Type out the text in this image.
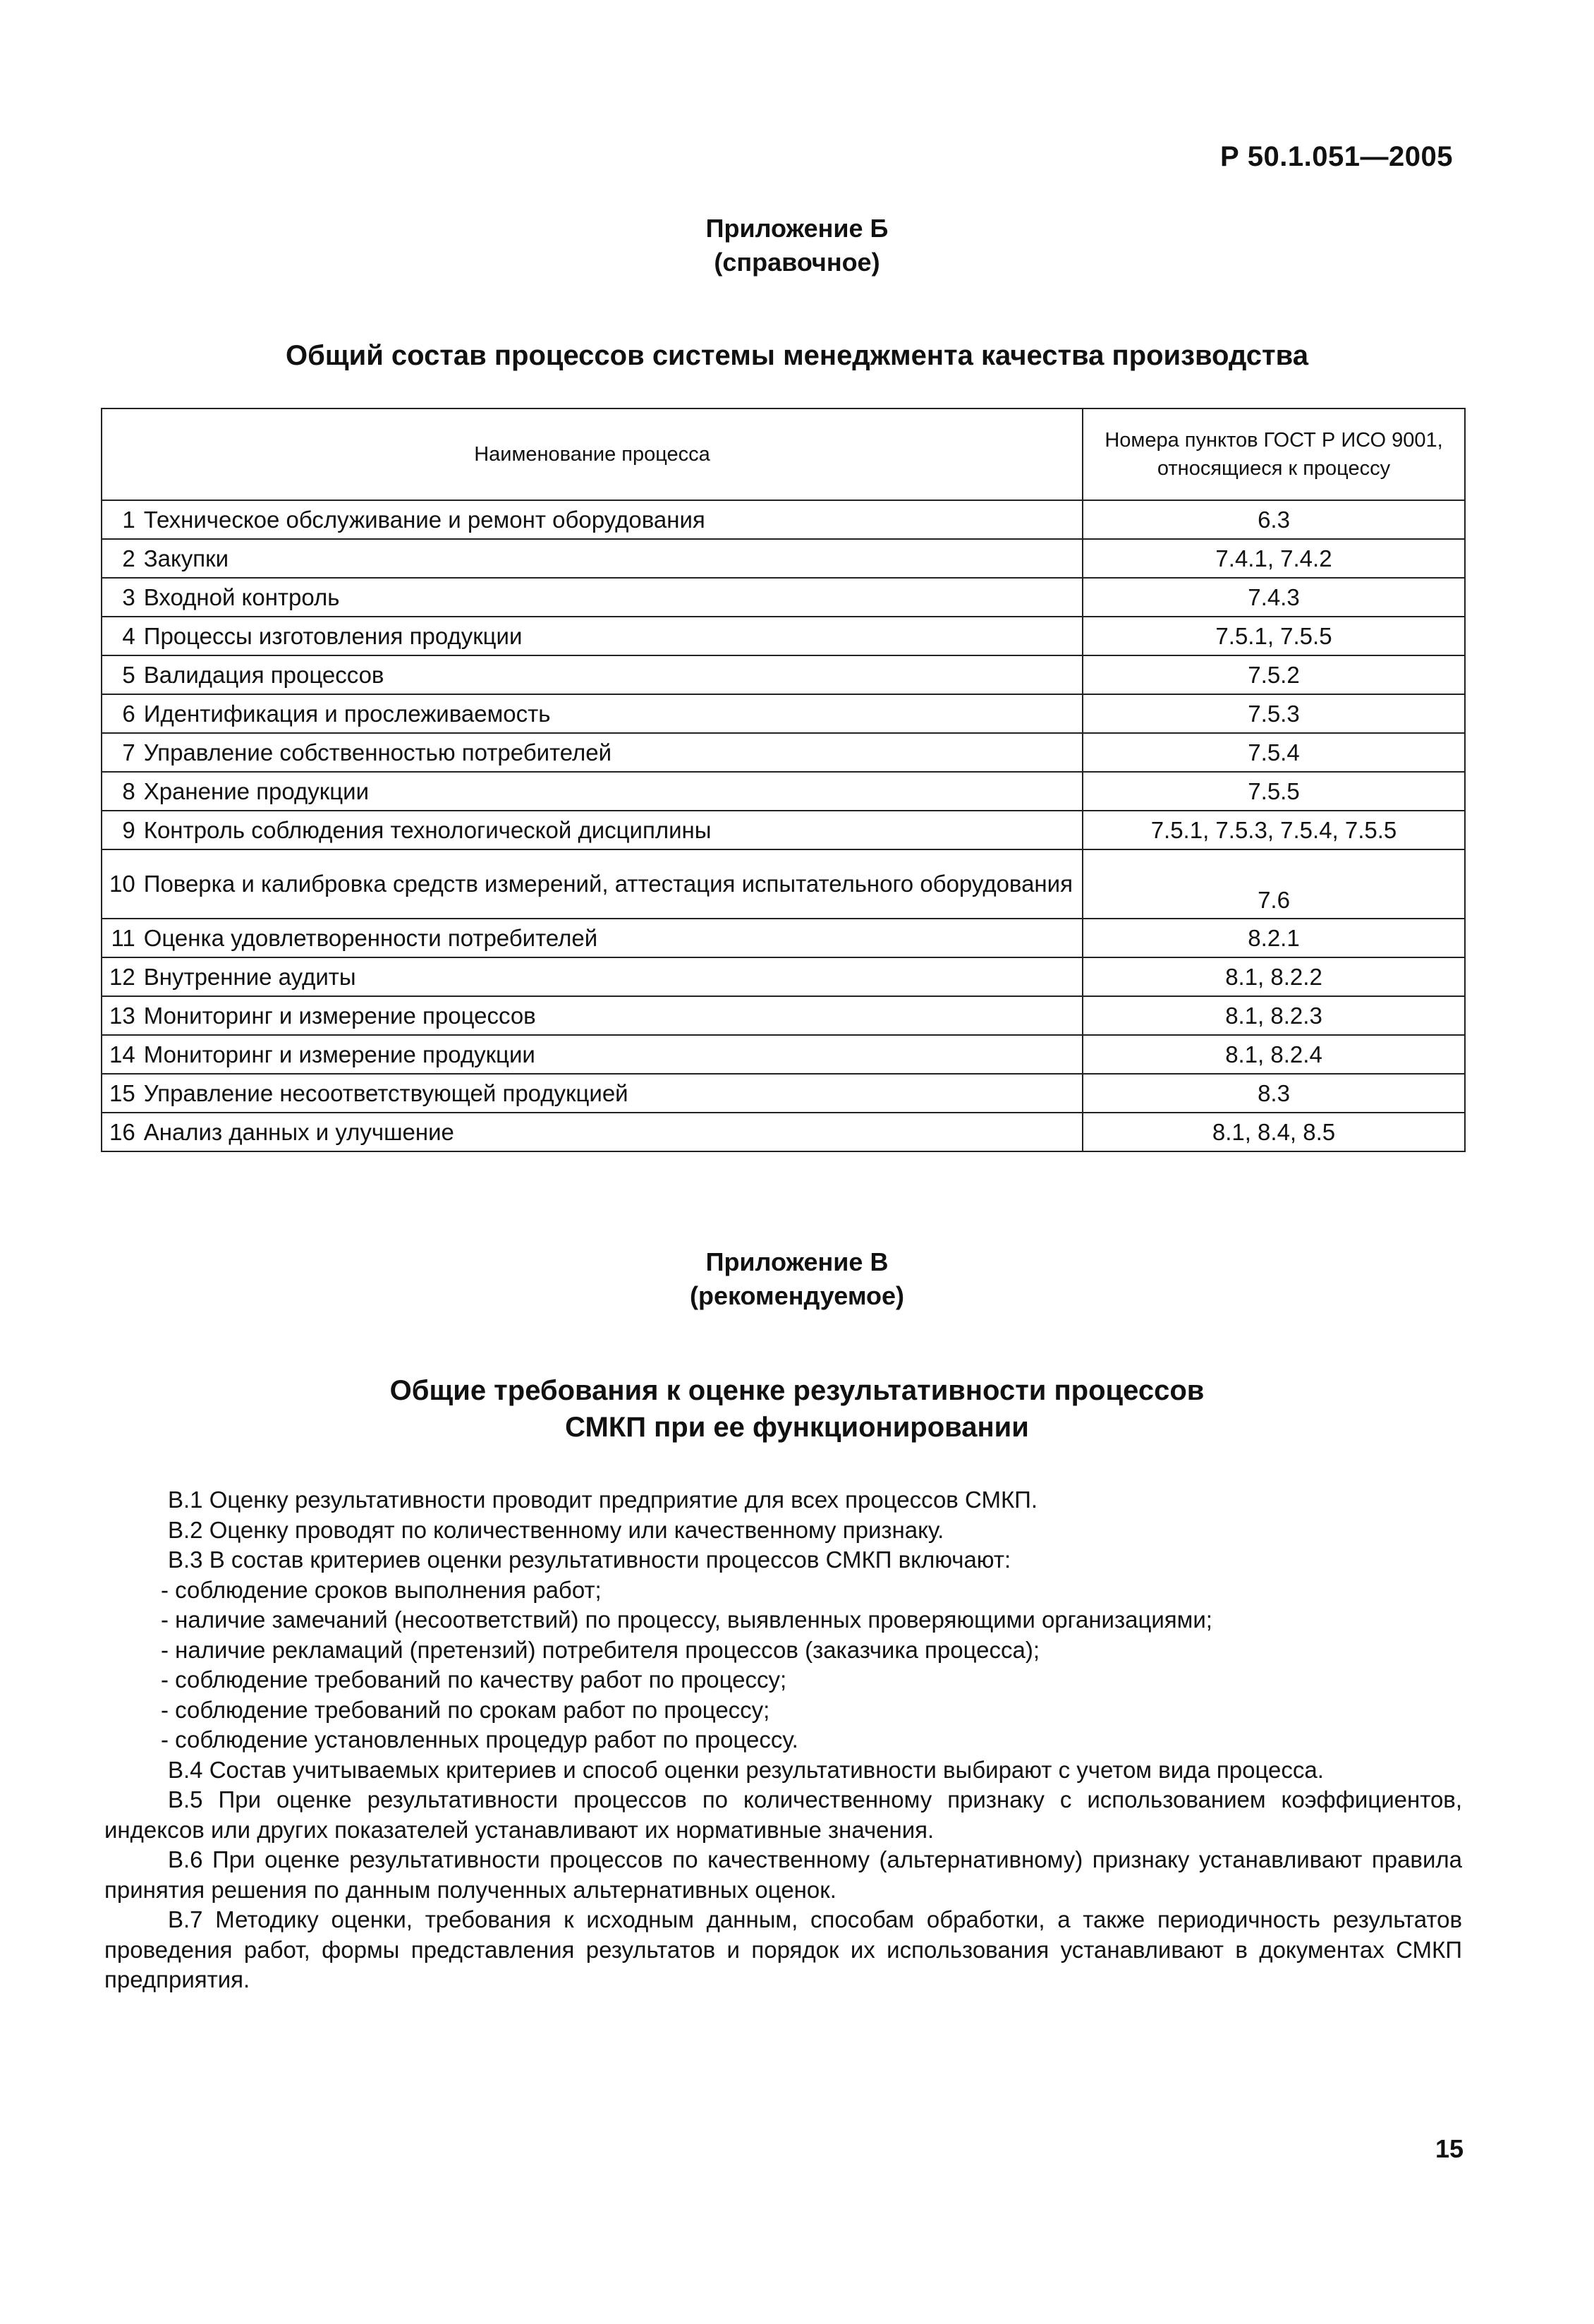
Р 50.1.051—2005
Приложение Б
(справочное)
Общий состав процессов системы менеджмента качества производства
Наименование процесса		Номера пунктов ГОСТ Р ИСО 9001, относящиеся к процессу
1	Техническое обслуживание и ремонт оборудования	6.3
2	Закупки	7.4.1, 7.4.2
3	Входной контроль	7.4.3
4	Процессы изготовления продукции	7.5.1, 7.5.5
5	Валидация процессов	7.5.2
6	Идентификация и прослеживаемость	7.5.3
7	Управление собственностью потребителей	7.5.4
8	Хранение продукции	7.5.5
9	Контроль соблюдения технологической дисциплины	7.5.1, 7.5.3, 7.5.4, 7.5.5
10	Поверка и калибровка средств измерений, аттестация испытательного оборудования	7.6
11	Оценка удовлетворенности потребителей	8.2.1
12	Внутренние аудиты	8.1, 8.2.2
13	Мониторинг и измерение процессов	8.1, 8.2.3
14	Мониторинг и измерение продукции	8.1, 8.2.4
15	Управление несоответствующей продукцией	8.3
16	Анализ данных и улучшение	8.1, 8.4, 8.5
Приложение В
(рекомендуемое)
Общие требования к оценке результативности процессов
СМКП при ее функционировании

В.1 Оценку результативности проводит предприятие для всех процессов СМКП.

В.2 Оценку проводят по количественному или качественному признаку.

В.3 В состав критериев оценки результативности процессов СМКП включают:

- соблюдение сроков выполнения работ;

- наличие замечаний (несоответствий) по процессу, выявленных проверяющими организациями;

- наличие рекламаций (претензий) потребителя процессов (заказчика процесса);

- соблюдение требований по качеству работ по процессу;

- соблюдение требований по срокам работ по процессу;

- соблюдение установленных процедур работ по процессу.

В.4 Состав учитываемых критериев и способ оценки результативности выбирают с учетом вида процесса.

В.5 При оценке результативности процессов по количественному признаку с использованием коэффициентов, индексов или других показателей устанавливают их нормативные значения.

В.6 При оценке результативности процессов по качественному (альтернативному) признаку устанавливают правила принятия решения по данным полученных альтернативных оценок.

В.7 Методику оценки, требования к исходным данным, способам обработки, а также периодичность результатов проведения работ, формы представления результатов и порядок их использования устанавливают в документах СМКП предприятия.

15
